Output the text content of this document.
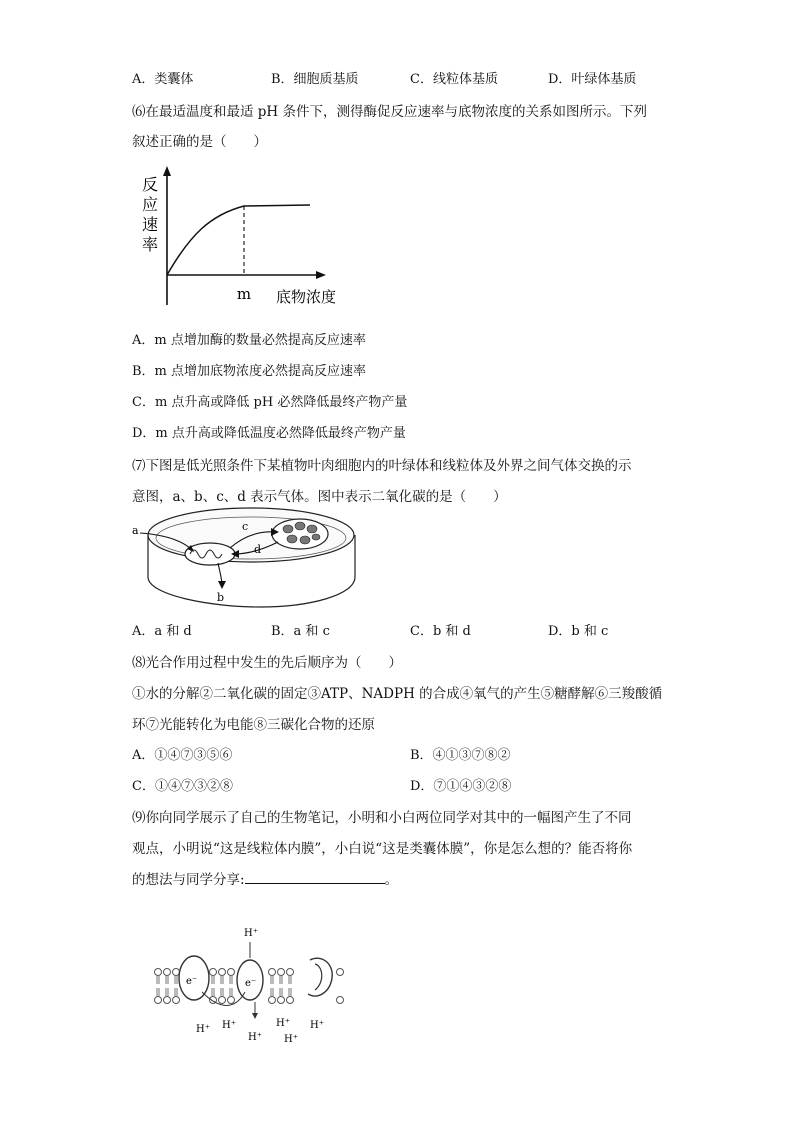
A．类囊体	B．细胞质基质	C．线粒体基质	D．叶绿体基质
⑹在最适温度和最适 pH 条件下，测得酶促反应速率与底物浓度的关系如图所示。下列
叙述正确的是（　　）
反
应
速
率
m 底物浓度
A．m 点增加酶的数量必然提高反应速率
B．m 点增加底物浓度必然提高反应速率
C．m 点升高或降低 pH 必然降低最终产物产量
D．m 点升高或降低温度必然降低最终产物产量
⑺下图是低光照条件下某植物叶肉细胞内的叶绿体和线粒体及外界之间气体交换的示
意图，a、b、c、d 表示气体。图中表示二氧化碳的是（　　）
a
b
c
d
A．a 和 d	B．a 和 c	C．b 和 d	D．b 和 c
⑻光合作用过程中发生的先后顺序为（　　）
①水的分解②二氧化碳的固定③ATP、NADPH 的合成④氧气的产生⑤糖酵解⑥三羧酸循
环⑦光能转化为电能⑧三碳化合物的还原
A．①④⑦③⑤⑥	B．④①③⑦⑧②
C．①④⑦③②⑧	D．⑦①④③②⑧
⑼你向同学展示了自己的生物笔记，小明和小白两位同学对其中的一幅图产生了不同
观点，小明说“这是线粒体内膜”，小白说“这是类囊体膜”，你是怎么想的？能否将你
的想法与同学分享:	。
H⁺
e⁻	e⁻
H⁺ H⁺
H⁺
H⁺
H⁺
H⁺
